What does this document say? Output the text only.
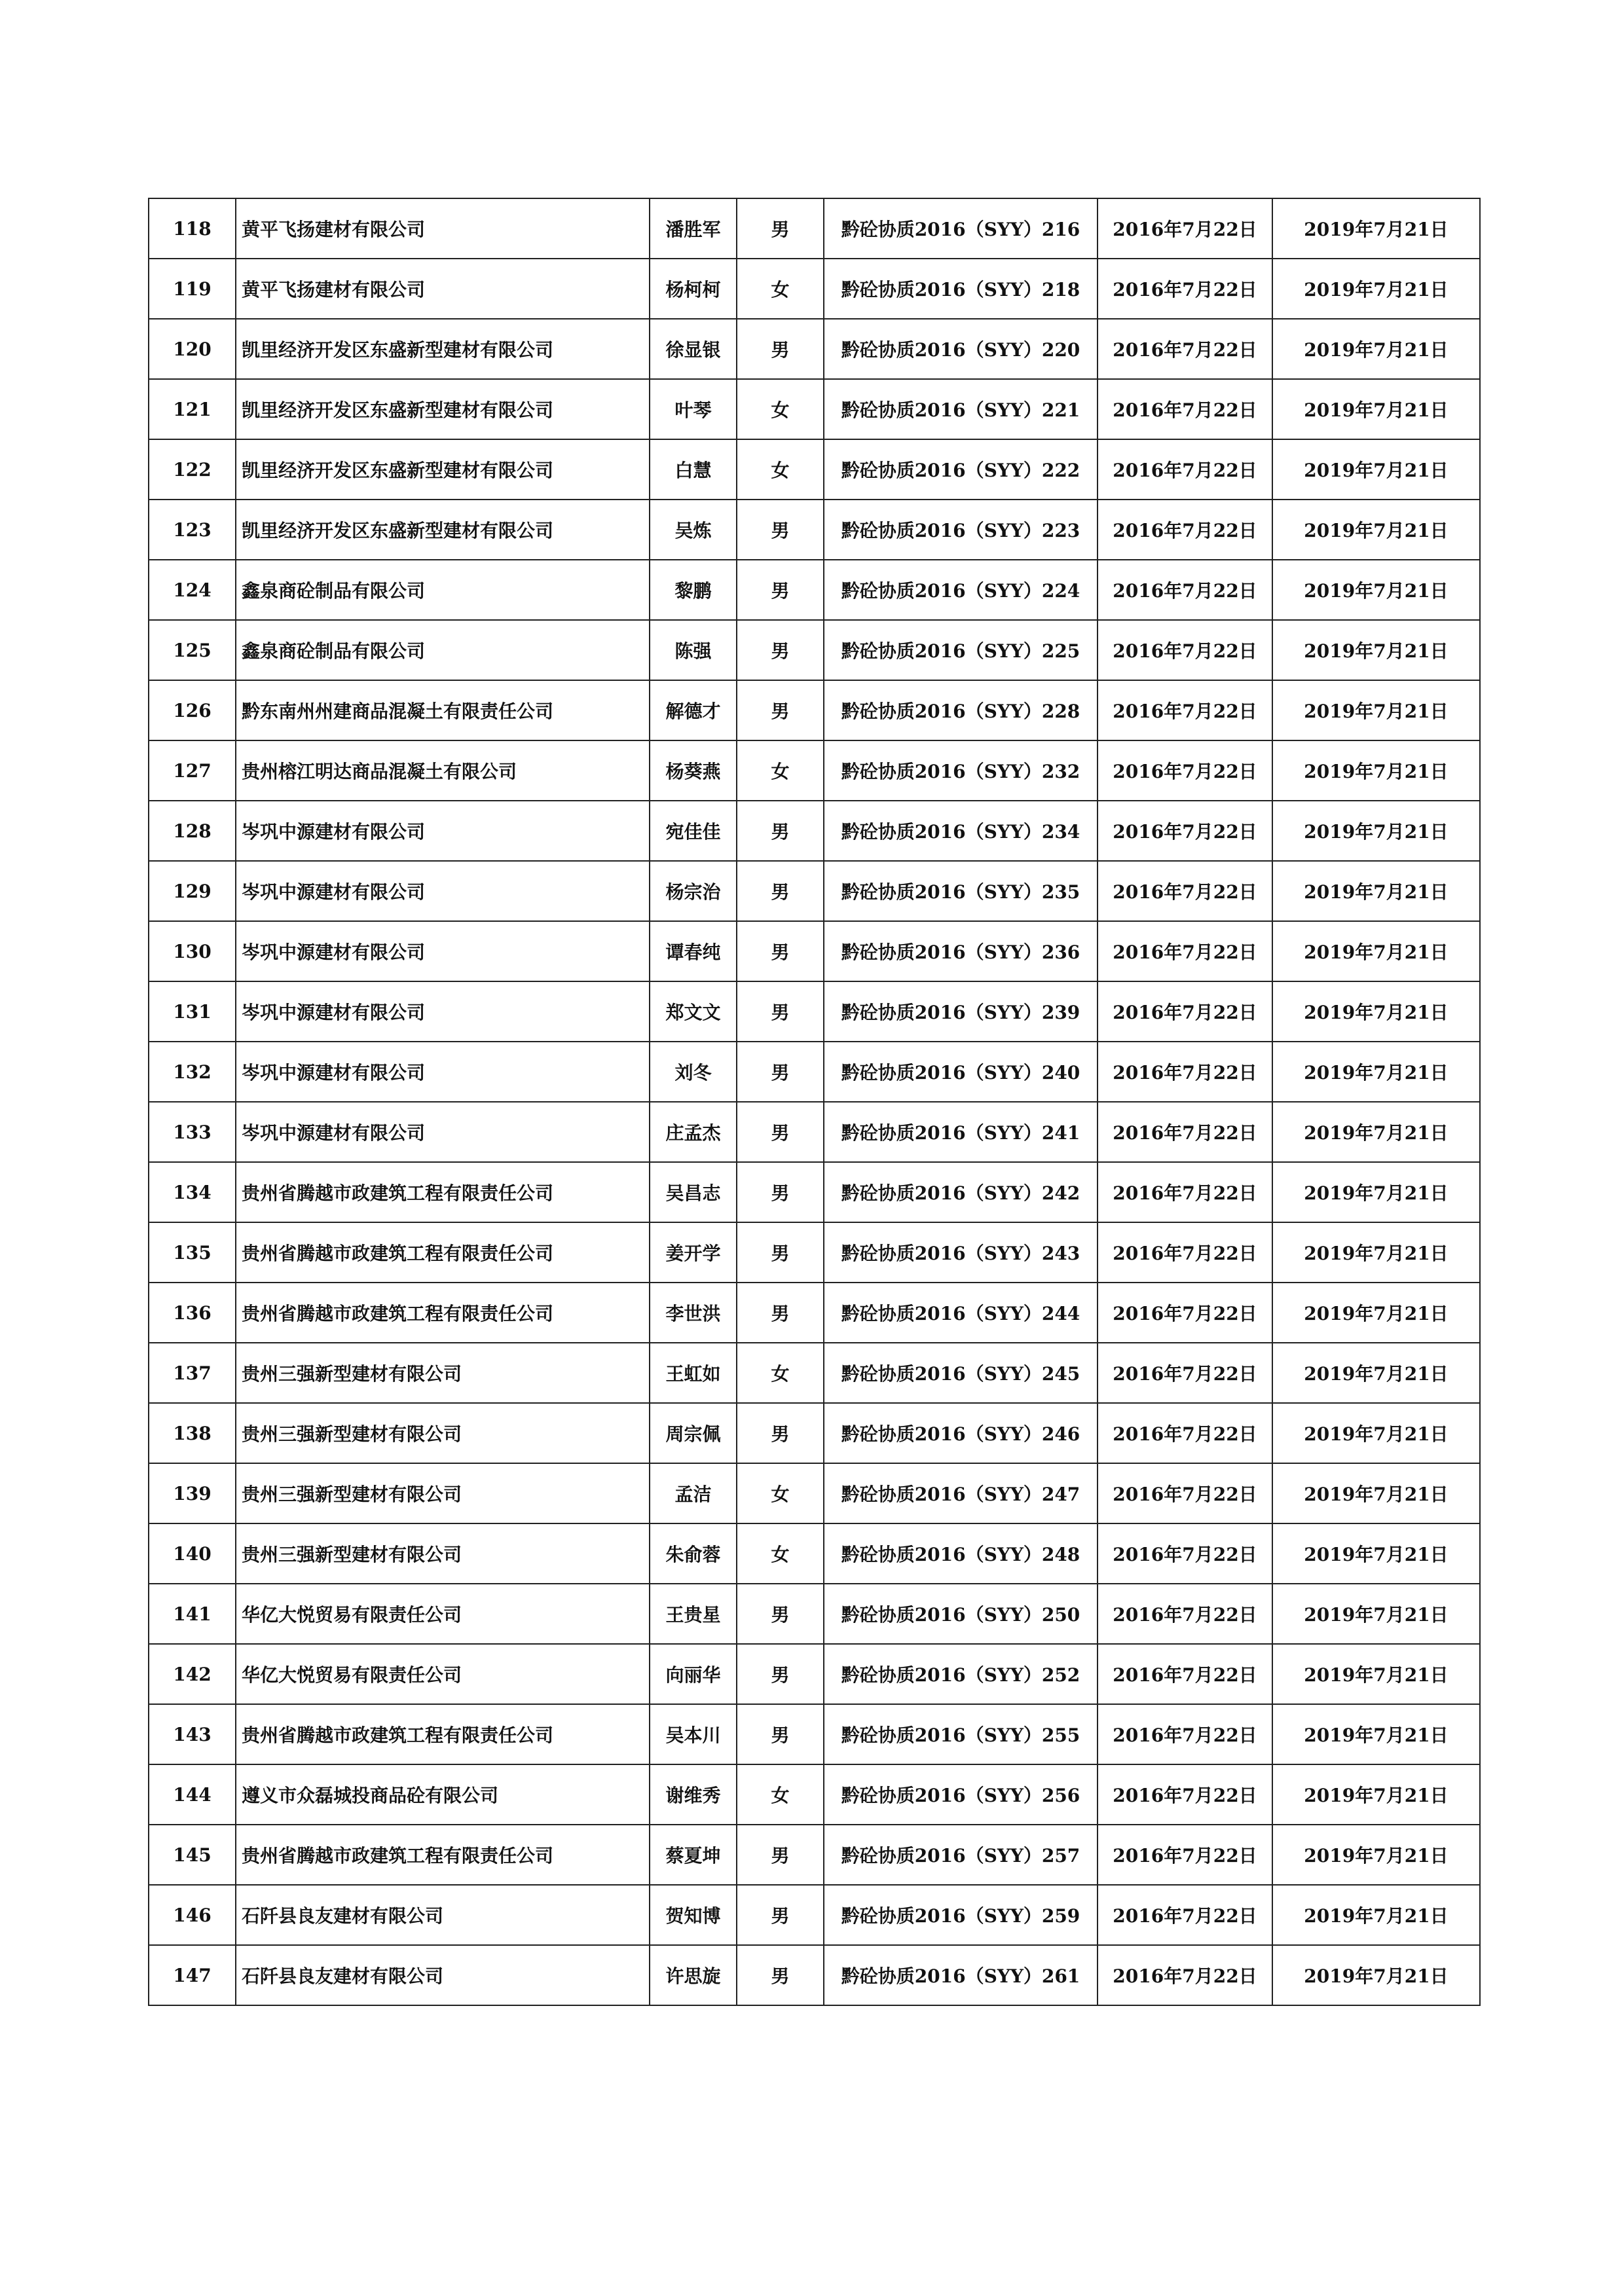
118	黄平飞扬建材有限公司	潘胜军	男	黔砼协质2016（SYY）216	2016年7月22日	2019年7月21日
119	黄平飞扬建材有限公司	杨柯柯	女	黔砼协质2016（SYY）218	2016年7月22日	2019年7月21日
120	凯里经济开发区东盛新型建材有限公司	徐显银	男	黔砼协质2016（SYY）220	2016年7月22日	2019年7月21日
121	凯里经济开发区东盛新型建材有限公司	叶琴	女	黔砼协质2016（SYY）221	2016年7月22日	2019年7月21日
122	凯里经济开发区东盛新型建材有限公司	白慧	女	黔砼协质2016（SYY）222	2016年7月22日	2019年7月21日
123	凯里经济开发区东盛新型建材有限公司	吴炼	男	黔砼协质2016（SYY）223	2016年7月22日	2019年7月21日
124	鑫泉商砼制品有限公司	黎鹏	男	黔砼协质2016（SYY）224	2016年7月22日	2019年7月21日
125	鑫泉商砼制品有限公司	陈强	男	黔砼协质2016（SYY）225	2016年7月22日	2019年7月21日
126	黔东南州州建商品混凝土有限责任公司	解德才	男	黔砼协质2016（SYY）228	2016年7月22日	2019年7月21日
127	贵州榕江明达商品混凝土有限公司	杨葵燕	女	黔砼协质2016（SYY）232	2016年7月22日	2019年7月21日
128	岑巩中源建材有限公司	宛佳佳	男	黔砼协质2016（SYY）234	2016年7月22日	2019年7月21日
129	岑巩中源建材有限公司	杨宗治	男	黔砼协质2016（SYY）235	2016年7月22日	2019年7月21日
130	岑巩中源建材有限公司	谭春纯	男	黔砼协质2016（SYY）236	2016年7月22日	2019年7月21日
131	岑巩中源建材有限公司	郑文文	男	黔砼协质2016（SYY）239	2016年7月22日	2019年7月21日
132	岑巩中源建材有限公司	刘冬	男	黔砼协质2016（SYY）240	2016年7月22日	2019年7月21日
133	岑巩中源建材有限公司	庄孟杰	男	黔砼协质2016（SYY）241	2016年7月22日	2019年7月21日
134	贵州省腾越市政建筑工程有限责任公司	吴昌志	男	黔砼协质2016（SYY）242	2016年7月22日	2019年7月21日
135	贵州省腾越市政建筑工程有限责任公司	姜开学	男	黔砼协质2016（SYY）243	2016年7月22日	2019年7月21日
136	贵州省腾越市政建筑工程有限责任公司	李世洪	男	黔砼协质2016（SYY）244	2016年7月22日	2019年7月21日
137	贵州三强新型建材有限公司	王虹如	女	黔砼协质2016（SYY）245	2016年7月22日	2019年7月21日
138	贵州三强新型建材有限公司	周宗佩	男	黔砼协质2016（SYY）246	2016年7月22日	2019年7月21日
139	贵州三强新型建材有限公司	孟洁	女	黔砼协质2016（SYY）247	2016年7月22日	2019年7月21日
140	贵州三强新型建材有限公司	朱俞蓉	女	黔砼协质2016（SYY）248	2016年7月22日	2019年7月21日
141	华亿大悦贸易有限责任公司	王贵星	男	黔砼协质2016（SYY）250	2016年7月22日	2019年7月21日
142	华亿大悦贸易有限责任公司	向丽华	男	黔砼协质2016（SYY）252	2016年7月22日	2019年7月21日
143	贵州省腾越市政建筑工程有限责任公司	吴本川	男	黔砼协质2016（SYY）255	2016年7月22日	2019年7月21日
144	遵义市众磊城投商品砼有限公司	谢维秀	女	黔砼协质2016（SYY）256	2016年7月22日	2019年7月21日
145	贵州省腾越市政建筑工程有限责任公司	蔡夏坤	男	黔砼协质2016（SYY）257	2016年7月22日	2019年7月21日
146	石阡县良友建材有限公司	贺知博	男	黔砼协质2016（SYY）259	2016年7月22日	2019年7月21日
147	石阡县良友建材有限公司	许思旋	男	黔砼协质2016（SYY）261	2016年7月22日	2019年7月21日
